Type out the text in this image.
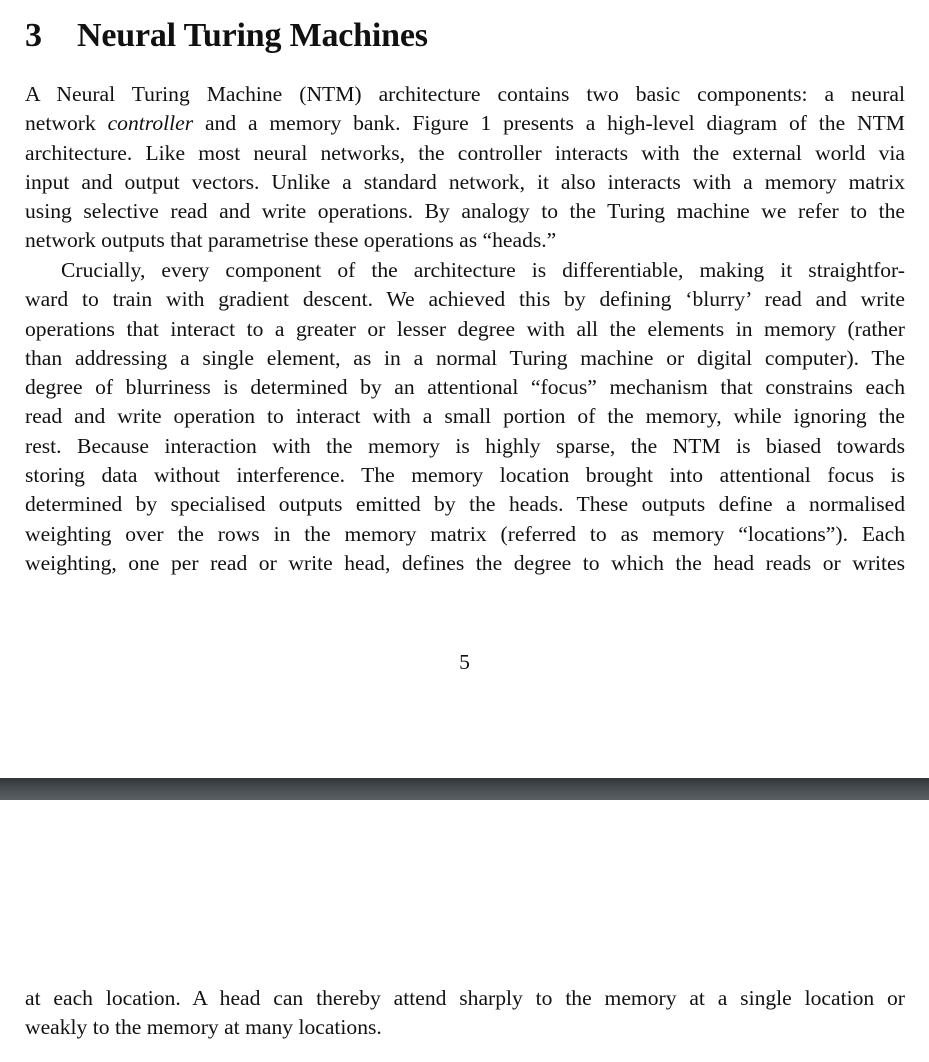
3 Neural Turing Machines
A Neural Turing Machine (NTM) architecture contains two basic components: a neural
network controller and a memory bank. Figure 1 presents a high-level diagram of the NTM
architecture. Like most neural networks, the controller interacts with the external world via
input and output vectors. Unlike a standard network, it also interacts with a memory matrix
using selective read and write operations. By analogy to the Turing machine we refer to the
network outputs that parametrise these operations as “heads.”
Crucially, every component of the architecture is differentiable, making it straightfor-
ward to train with gradient descent. We achieved this by defining ‘blurry’ read and write
operations that interact to a greater or lesser degree with all the elements in memory (rather
than addressing a single element, as in a normal Turing machine or digital computer). The
degree of blurriness is determined by an attentional “focus” mechanism that constrains each
read and write operation to interact with a small portion of the memory, while ignoring the
rest. Because interaction with the memory is highly sparse, the NTM is biased towards
storing data without interference. The memory location brought into attentional focus is
determined by specialised outputs emitted by the heads. These outputs define a normalised
weighting over the rows in the memory matrix (referred to as memory “locations”). Each
weighting, one per read or write head, defines the degree to which the head reads or writes
5
at each location. A head can thereby attend sharply to the memory at a single location or
weakly to the memory at many locations.
